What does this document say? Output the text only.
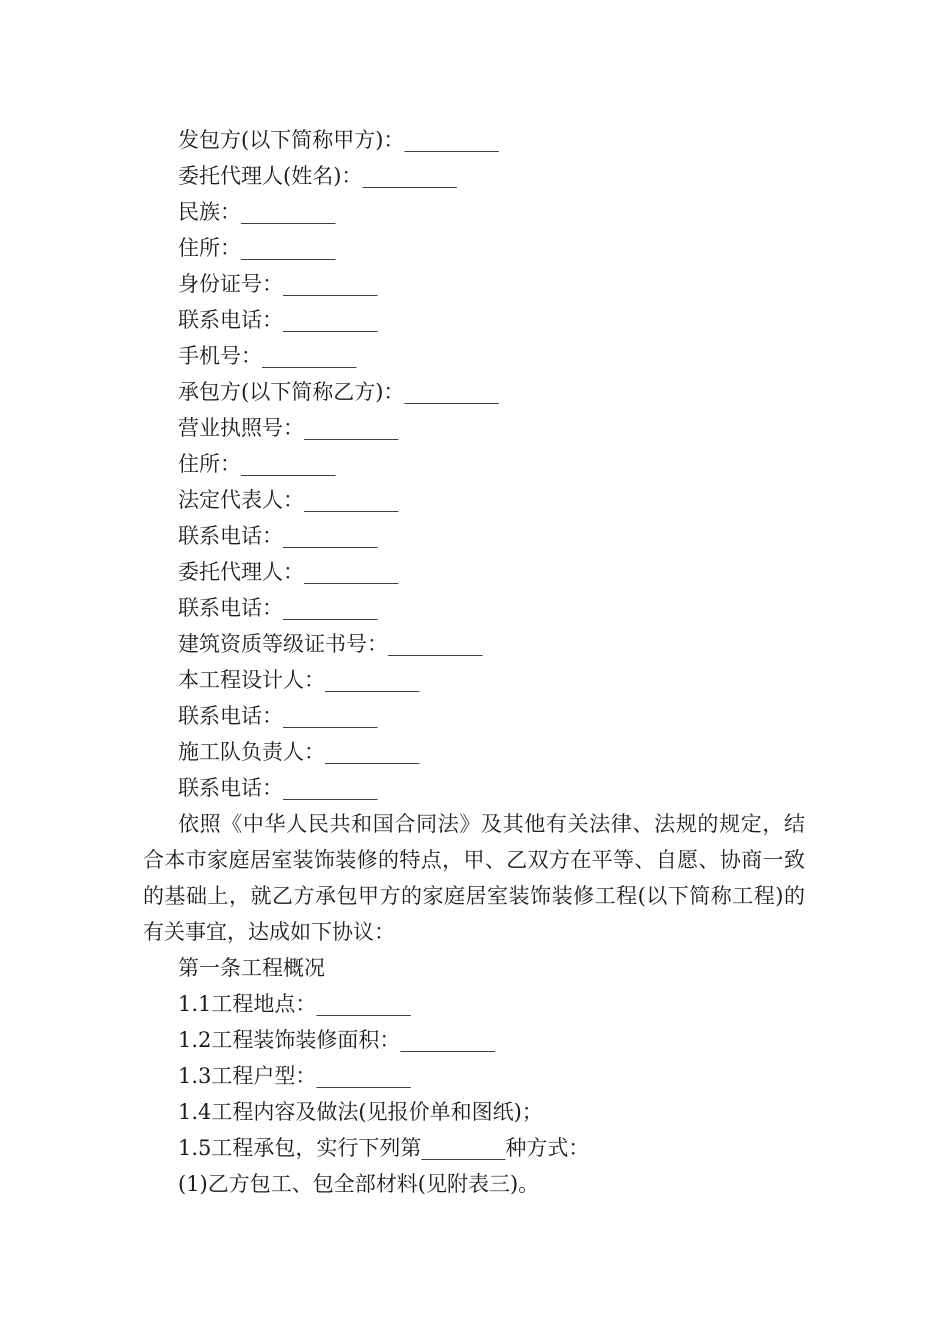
发包方(以下简称甲方)：_________
委托代理人(姓名)：_________
民族：_________
住所：_________
身份证号：_________
联系电话：_________
手机号：_________
承包方(以下简称乙方)：_________
营业执照号：_________
住所：_________
法定代表人：_________
联系电话：_________
委托代理人：_________
联系电话：_________
建筑资质等级证书号：_________
本工程设计人：_________
联系电话：_________
施工队负责人：_________
联系电话：_________
依照《中华人民共和国合同法》及其他有关法律、法规的规定，结合本市家庭居室装饰装修的特点，甲、乙双方在平等、自愿、协商一致的基础上，就乙方承包甲方的家庭居室装饰装修工程(以下简称工程)的有关事宜，达成如下协议：
第一条工程概况
1.1工程地点：_________
1.2工程装饰装修面积：_________
1.3工程户型：_________
1.4工程内容及做法(见报价单和图纸)；
1.5工程承包，实行下列第________种方式：
(1)乙方包工、包全部材料(见附表三)。
